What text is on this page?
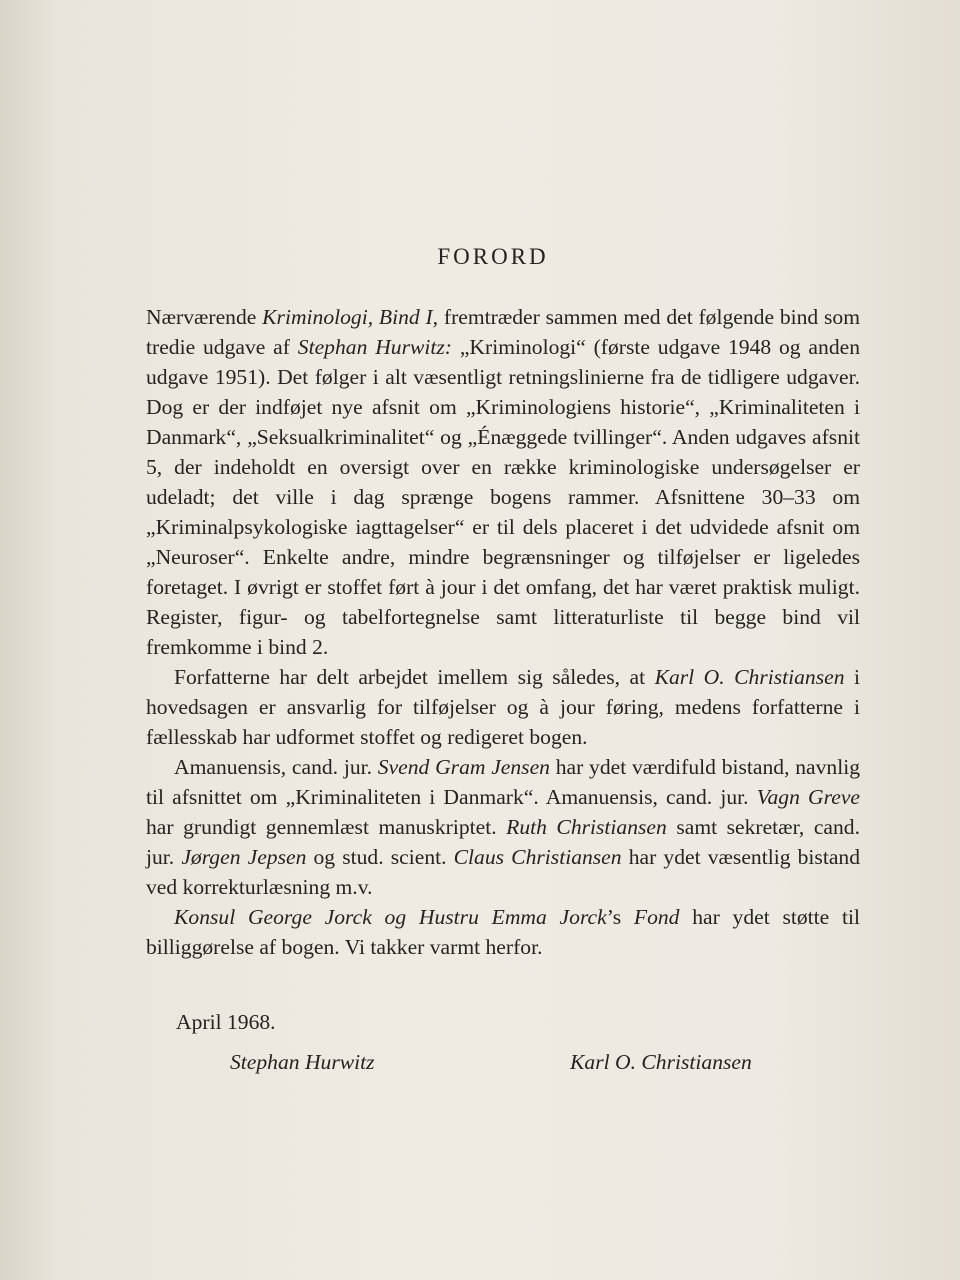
FORORD

Nærværende Kriminologi, Bind I, fremtræder sammen med det følgende bind som tredie udgave af Stephan Hurwitz: „Kriminologi“ (første udgave 1948 og anden udgave 1951). Det følger i alt væsentligt retningslinierne fra de tidligere udgaver. Dog er der indføjet nye afsnit om „Kriminologiens historie“, „Kriminaliteten i Danmark“, „Seksualkriminalitet“ og „Énæggede tvillinger“. Anden udgaves afsnit 5, der indeholdt en oversigt over en række kriminologiske undersøgelser er udeladt; det ville i dag sprænge bogens rammer. Afsnittene 30–33 om „Kriminalpsykologiske iagttagelser“ er til dels placeret i det udvidede afsnit om „Neuroser“. Enkelte andre, mindre begrænsninger og tilføjelser er ligeledes foretaget. I øvrigt er stoffet ført à jour i det omfang, det har været praktisk muligt. Register, figur- og tabelfortegnelse samt litteraturliste til begge bind vil fremkomme i bind 2.

Forfatterne har delt arbejdet imellem sig således, at Karl O. Christiansen i hovedsagen er ansvarlig for tilføjelser og à jour føring, medens forfatterne i fællesskab har udformet stoffet og redigeret bogen.

Amanuensis, cand. jur. Svend Gram Jensen har ydet værdifuld bistand, navnlig til afsnittet om „Kriminaliteten i Danmark“. Amanuensis, cand. jur. Vagn Greve har grundigt gennemlæst manuskriptet. Ruth Christiansen samt sekretær, cand. jur. Jørgen Jepsen og stud. scient. Claus Christiansen har ydet væsentlig bistand ved korrekturlæsning m.v.

Konsul George Jorck og Hustru Emma Jorck’s Fond har ydet støtte til billiggørelse af bogen. Vi takker varmt herfor.

April 1968.
Stephan Hurwitz	Karl O. Christiansen
